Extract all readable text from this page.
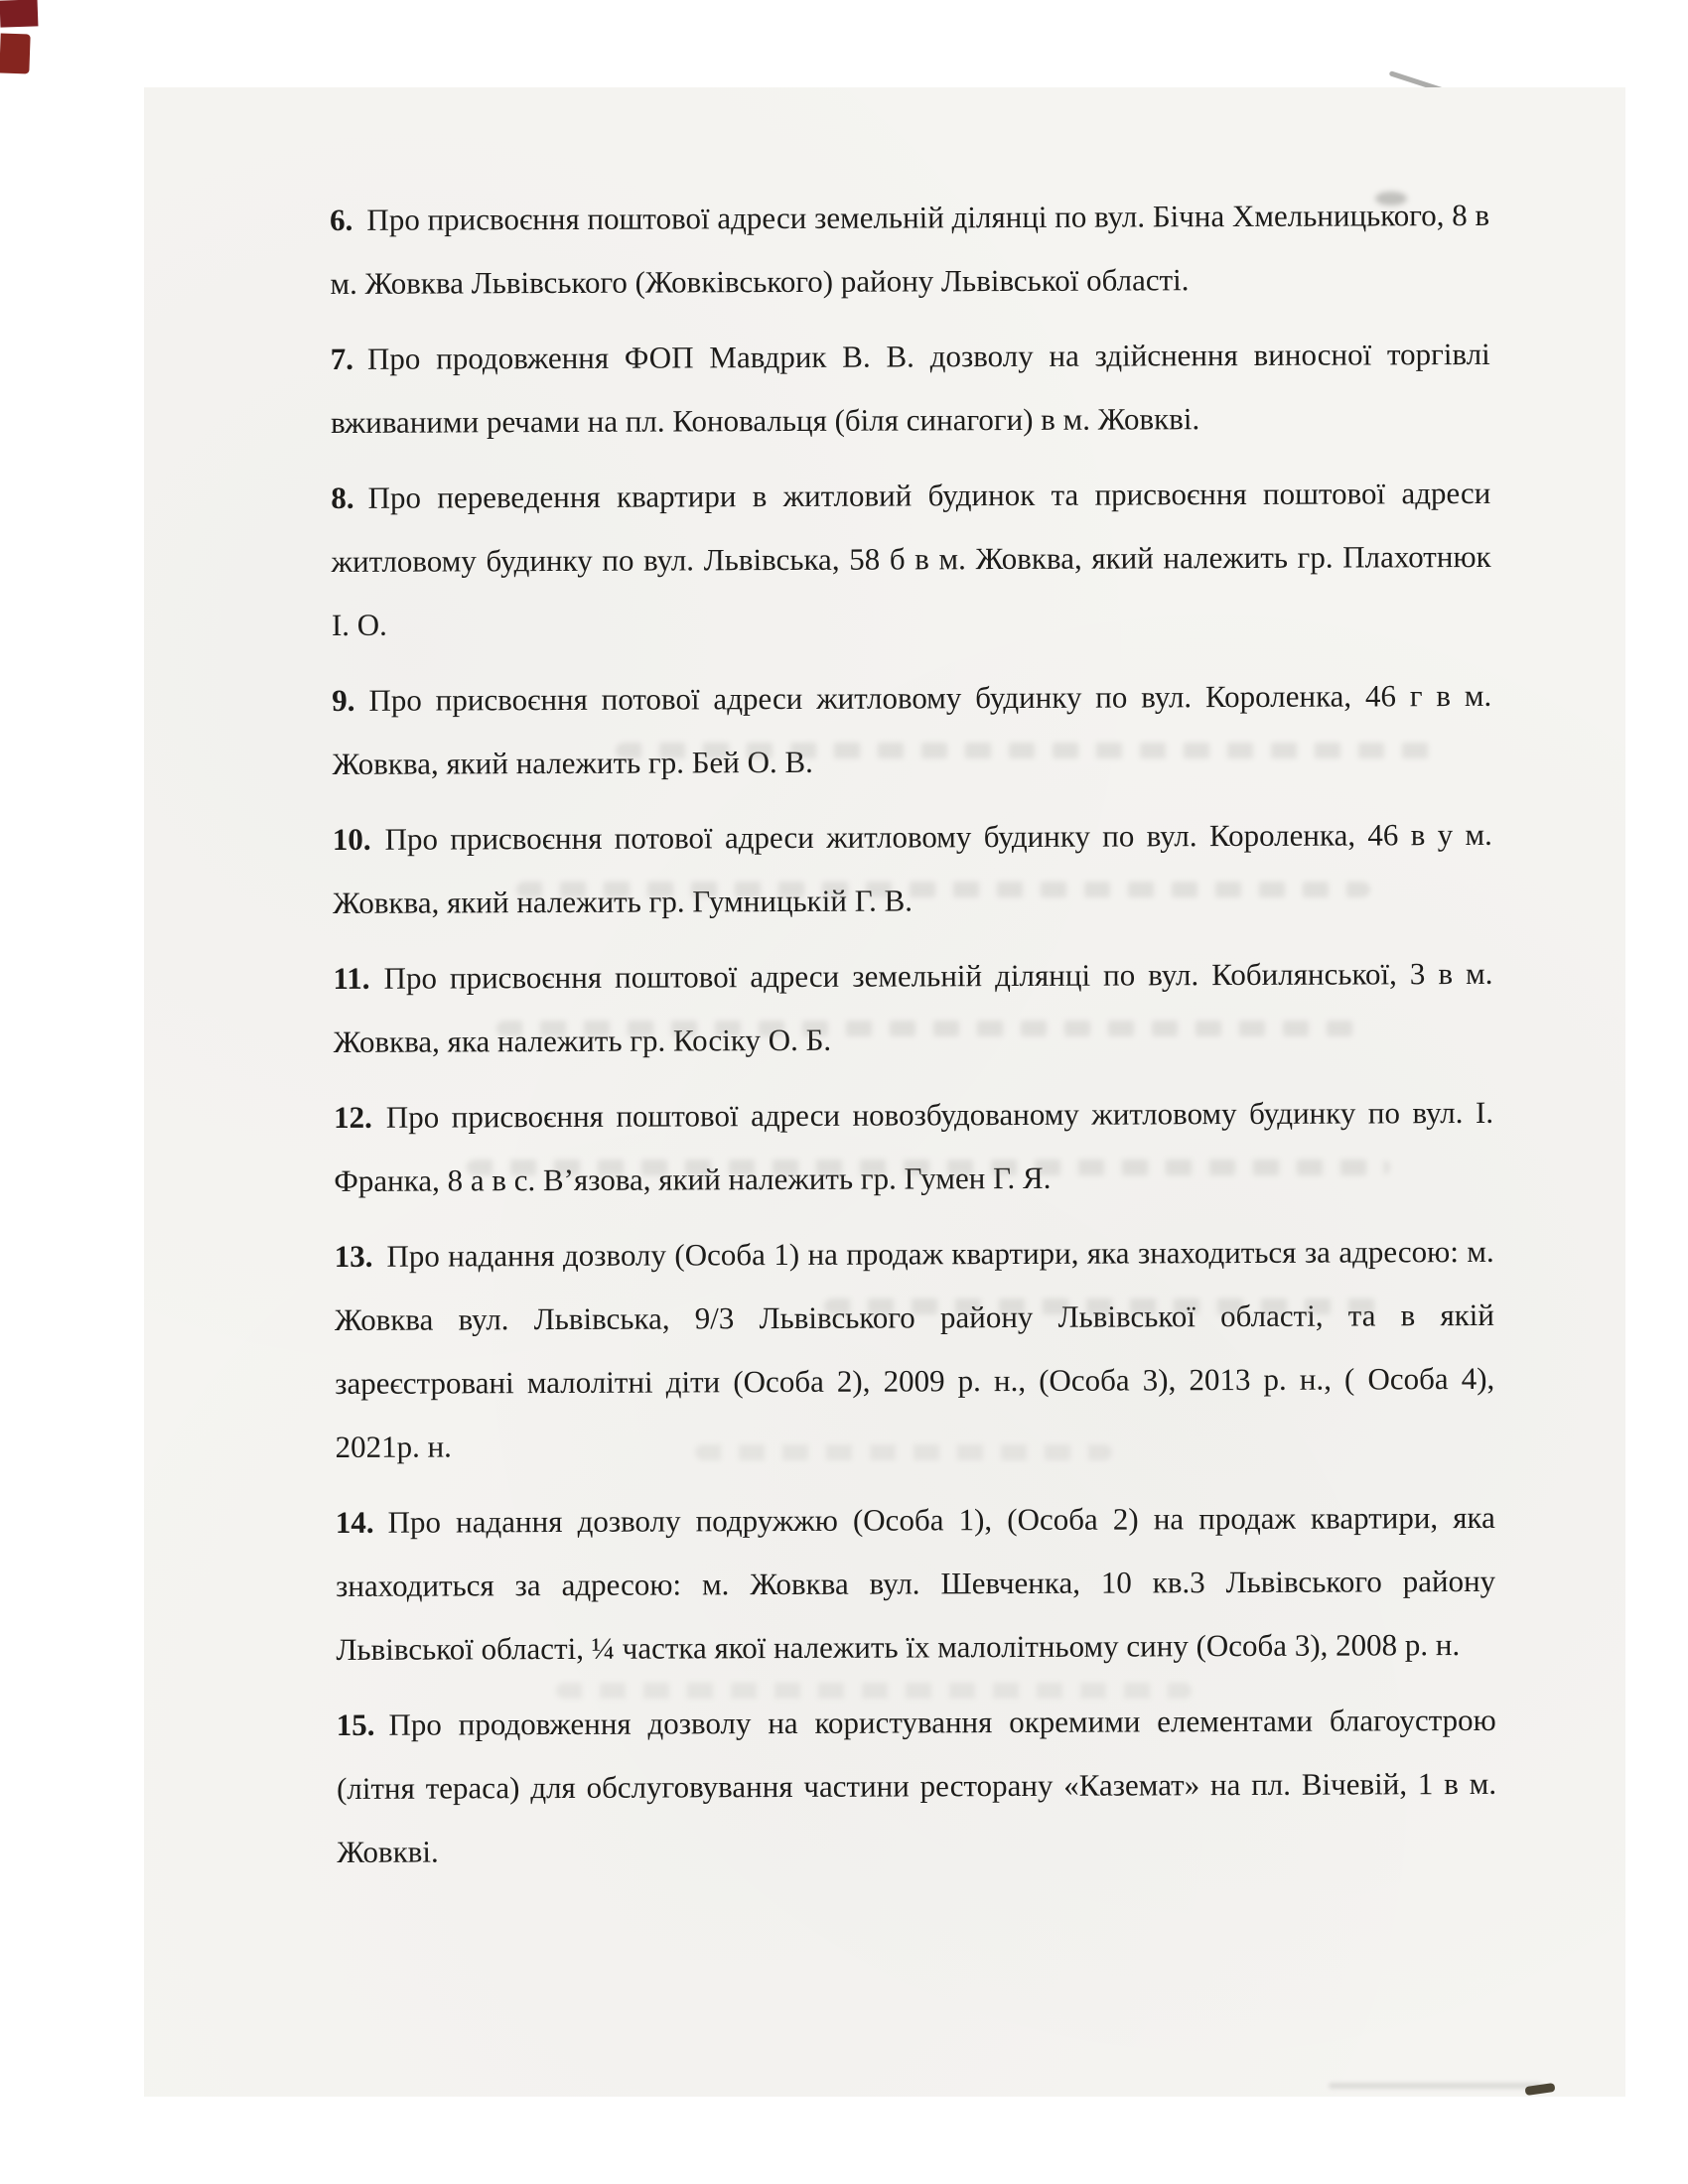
6. Про присвоєння поштової адреси земельній ділянці по вул. Бічна Хмельницького, 8 в м. Жовква Львівського (Жовківського) району Львівської області.

7. Про продовження ФОП Мавдрик В. В. дозволу на здійснення виносної торгівлі вживаними речами на пл. Коновальця (біля синагоги) в м. Жовкві.

8. Про переведення квартири в житловий будинок та присвоєння поштової адреси житловому будинку по вул. Львівська, 58 б в м. Жовква, який належить гр. Плахотнюк І. О.

9. Про присвоєння потової адреси житловому будинку по вул. Короленка, 46 г в м. Жовква, який належить гр. Бей О. В.

10. Про присвоєння потової адреси житловому будинку по вул. Короленка, 46 в у м. Жовква, який належить гр. Гумницькій Г. В.

11. Про присвоєння поштової адреси земельній ділянці по вул. Кобилянської, 3 в м. Жовква, яка належить гр. Косіку О. Б.

12. Про присвоєння поштової адреси новозбудованому житловому будинку по вул. І. Франка, 8 а в с. В’язова, який належить гр. Гумен Г. Я.

13. Про надання дозволу (Особа 1) на продаж квартири, яка знаходиться за адресою: м. Жовква вул. Львівська, 9/3 Львівського району Львівської області, та в якій зареєстровані малолітні діти (Особа 2), 2009 р. н., (Особа 3), 2013 р. н., ( Особа 4), 2021р. н.

14. Про надання дозволу подружжю (Особа 1), (Особа 2) на продаж квартири, яка знаходиться за адресою: м. Жовква вул. Шевченка, 10 кв.3 Львівського району Львівської області, ¼ частка якої належить їх малолітньому сину (Особа 3), 2008 р. н.

15. Про продовження дозволу на користування окремими елементами благоустрою (літня тераса) для обслуговування частини ресторану «Каземат» на пл. Вічевій, 1 в м. Жовкві.
